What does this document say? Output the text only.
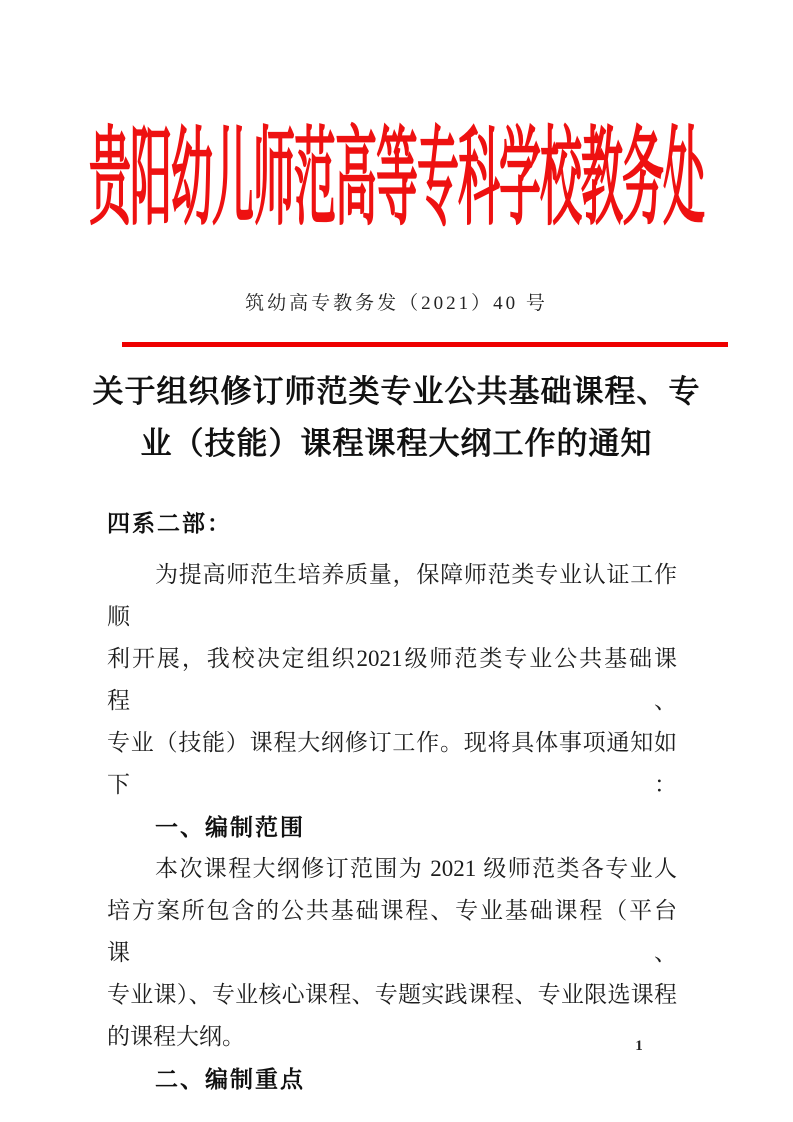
贵阳幼儿师范高等专科学校教务处
筑幼高专教务发（2021）40 号
关于组织修订师范类专业公共基础课程、专
业（技能）课程课程大纲工作的通知
四系二部：
为提高师范生培养质量，保障师范类专业认证工作顺
利开展，我校决定组织2021级师范类专业公共基础课程、
专业（技能）课程大纲修订工作。现将具体事项通知如下：
一、编制范围
本次课程大纲修订范围为 2021 级师范类各专业人
培方案所包含的公共基础课程、专业基础课程（平台课、
专业课）、专业核心课程、专题实践课程、专业限选课程
的课程大纲。
二、编制重点
1
